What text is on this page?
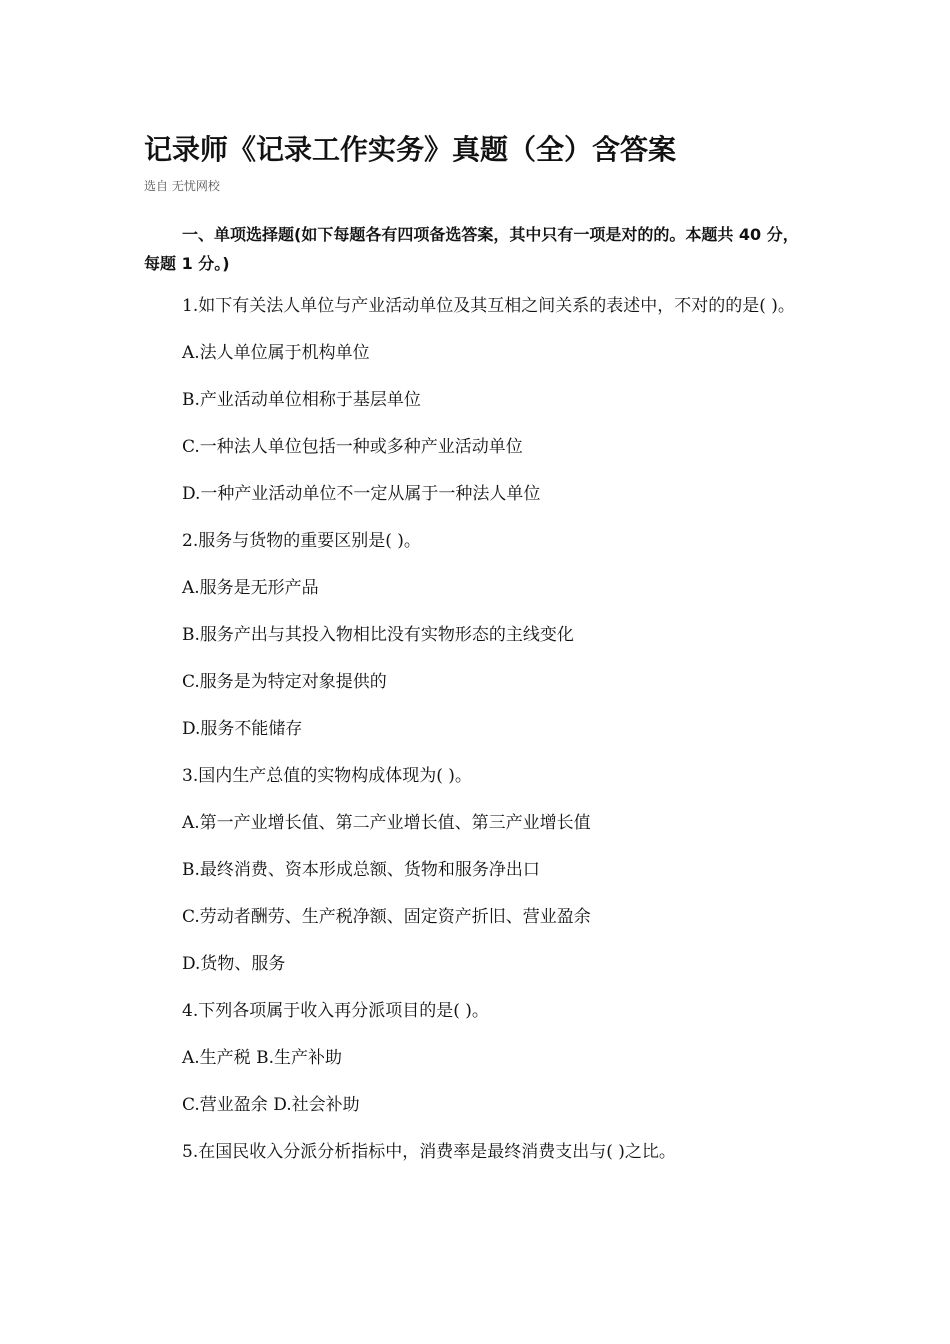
记录师《记录工作实务》真题（全）含答案
选自 无忧网校

一、单项选择题(如下每题各有四项备选答案，其中只有一项是对的的。本题共 40 分，每题 1 分。)

1.如下有关法人单位与产业活动单位及其互相之间关系的表述中，不对的的是( )。

A.法人单位属于机构单位

B.产业活动单位相称于基层单位

C.一种法人单位包括一种或多种产业活动单位

D.一种产业活动单位不一定从属于一种法人单位

2.服务与货物的重要区别是( )。

A.服务是无形产品

B.服务产出与其投入物相比没有实物形态的主线变化

C.服务是为特定对象提供的

D.服务不能储存

3.国内生产总值的实物构成体现为( )。

A.第一产业增长值、第二产业增长值、第三产业增长值

B.最终消费、资本形成总额、货物和服务净出口

C.劳动者酬劳、生产税净额、固定资产折旧、营业盈余

D.货物、服务

4.下列各项属于收入再分派项目的是( )。

A.生产税 B.生产补助

C.营业盈余 D.社会补助

5.在国民收入分派分析指标中，消费率是最终消费支出与( )之比。
